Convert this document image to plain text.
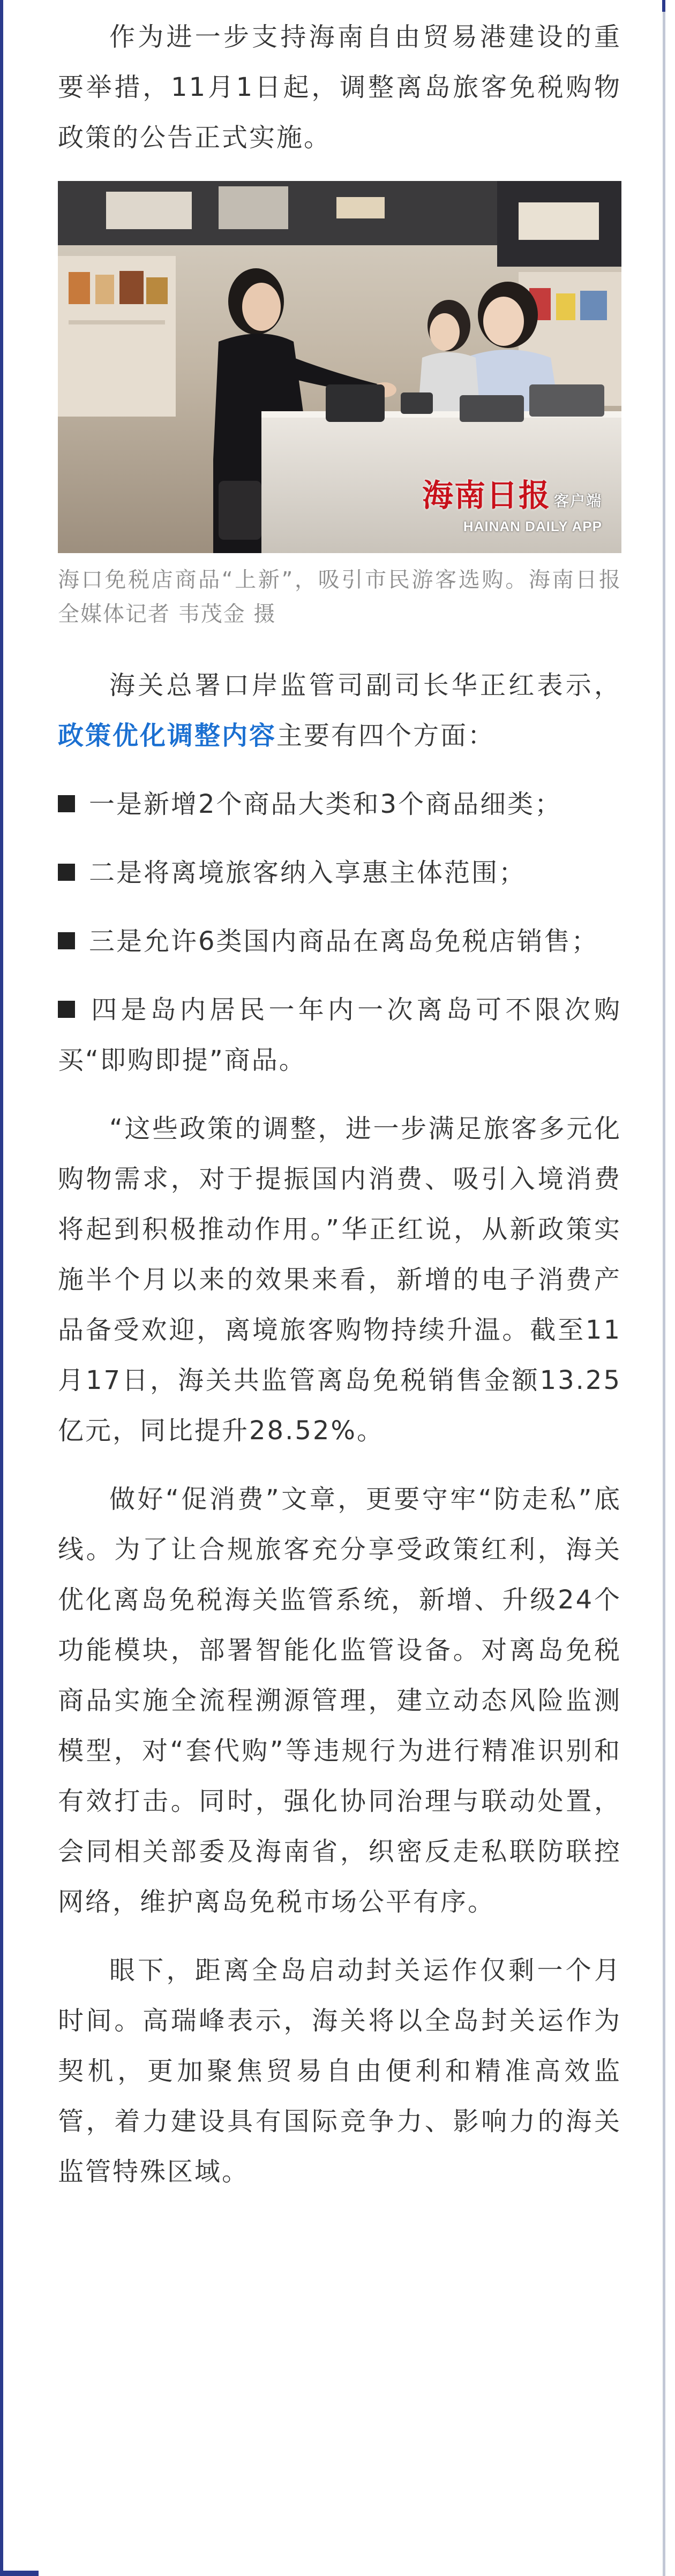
作为进一步支持海南自由贸易港建设的重要举措，11月1日起，调整离岛旅客免税购物政策的公告正式实施。

海南日报 客户端
HAINAN DAILY APP

海口免税店商品“上新”，吸引市民游客选购。海南日报全媒体记者 韦茂金 摄

海关总署口岸监管司副司长华正红表示，政策优化调整内容主要有四个方面：

一是新增2个商品大类和3个商品细类；

二是将离境旅客纳入享惠主体范围；

三是允许6类国内商品在离岛免税店销售；

四是岛内居民一年内一次离岛可不限次购买“即购即提”商品。

“这些政策的调整，进一步满足旅客多元化购物需求，对于提振国内消费、吸引入境消费将起到积极推动作用。”华正红说，从新政策实施半个月以来的效果来看，新增的电子消费产品备受欢迎，离境旅客购物持续升温。截至11月17日，海关共监管离岛免税销售金额13.25亿元，同比提升28.52%。

做好“促消费”文章，更要守牢“防走私”底线。为了让合规旅客充分享受政策红利，海关优化离岛免税海关监管系统，新增、升级24个功能模块，部署智能化监管设备。对离岛免税商品实施全流程溯源管理，建立动态风险监测模型，对“套代购”等违规行为进行精准识别和有效打击。同时，强化协同治理与联动处置，会同相关部委及海南省，织密反走私联防联控网络，维护离岛免税市场公平有序。

眼下，距离全岛启动封关运作仅剩一个月时间。高瑞峰表示，海关将以全岛封关运作为契机，更加聚焦贸易自由便利和精准高效监管，着力建设具有国际竞争力、影响力的海关监管特殊区域。
